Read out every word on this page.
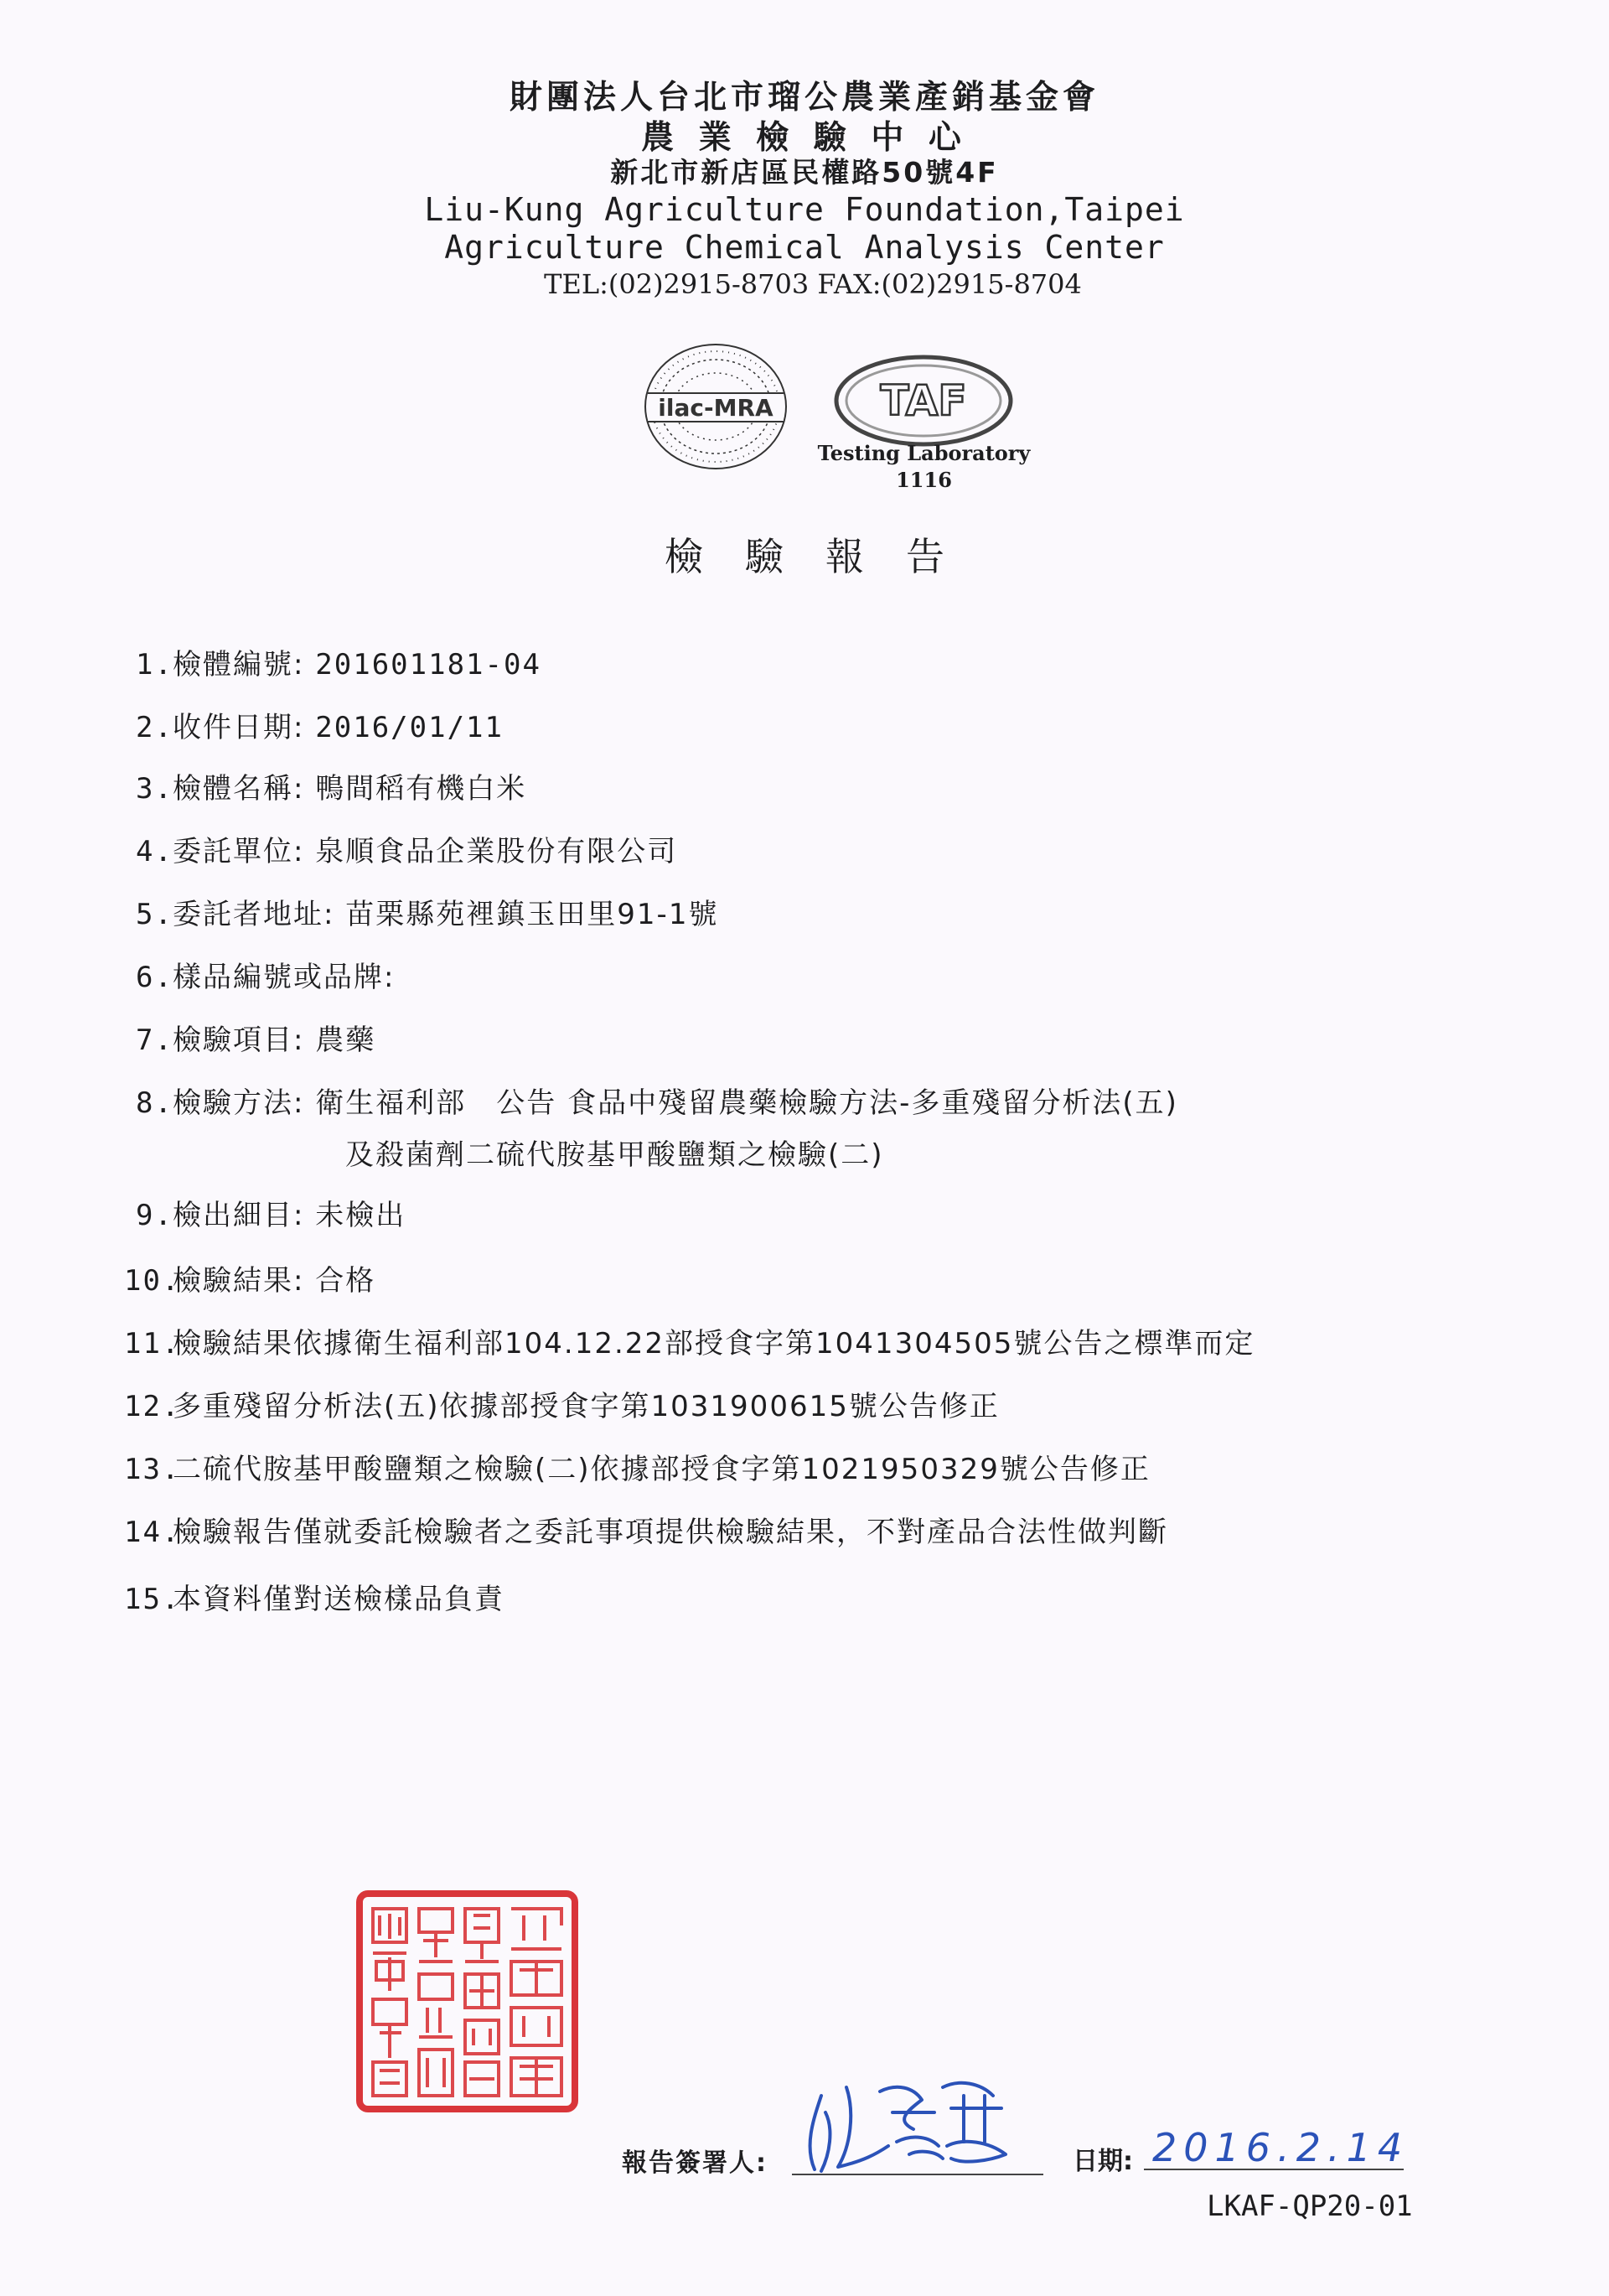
財團法人台北市瑠公農業產銷基金會
農 業 檢 驗 中 心
新北市新店區民權路50號4F
Liu-Kung Agriculture Foundation,Taipei
Agriculture Chemical Analysis Center
TEL:(02)2915-8703 FAX:(02)2915-8704
ilac-MRA	TAF
Testing Laboratory
1116
檢驗報告
1.檢體編號: 201601181-04
2.收件日期: 2016/01/11
3.檢體名稱: 鴨間稻有機白米
4.委託單位: 泉順食品企業股份有限公司
5.委託者地址: 苗栗縣苑裡鎮玉田里91-1號
6.樣品編號或品牌:
7.檢驗項目: 農藥
8.檢驗方法: 衛生福利部　公告 食品中殘留農藥檢驗方法-多重殘留分析法(五)
及殺菌劑二硫代胺基甲酸鹽類之檢驗(二)
9.檢出細目: 未檢出
10.檢驗結果: 合格
11.檢驗結果依據衛生福利部104.12.22部授食字第1041304505號公告之標準而定
12.多重殘留分析法(五)依據部授食字第1031900615號公告修正
13.二硫代胺基甲酸鹽類之檢驗(二)依據部授食字第1021950329號公告修正
14.檢驗報告僅就委託檢驗者之委託事項提供檢驗結果，不對產品合法性做判斷
15.本資料僅對送檢樣品負責
報告簽署人:	日期: 2016.2.14
LKAF-QP20-01
